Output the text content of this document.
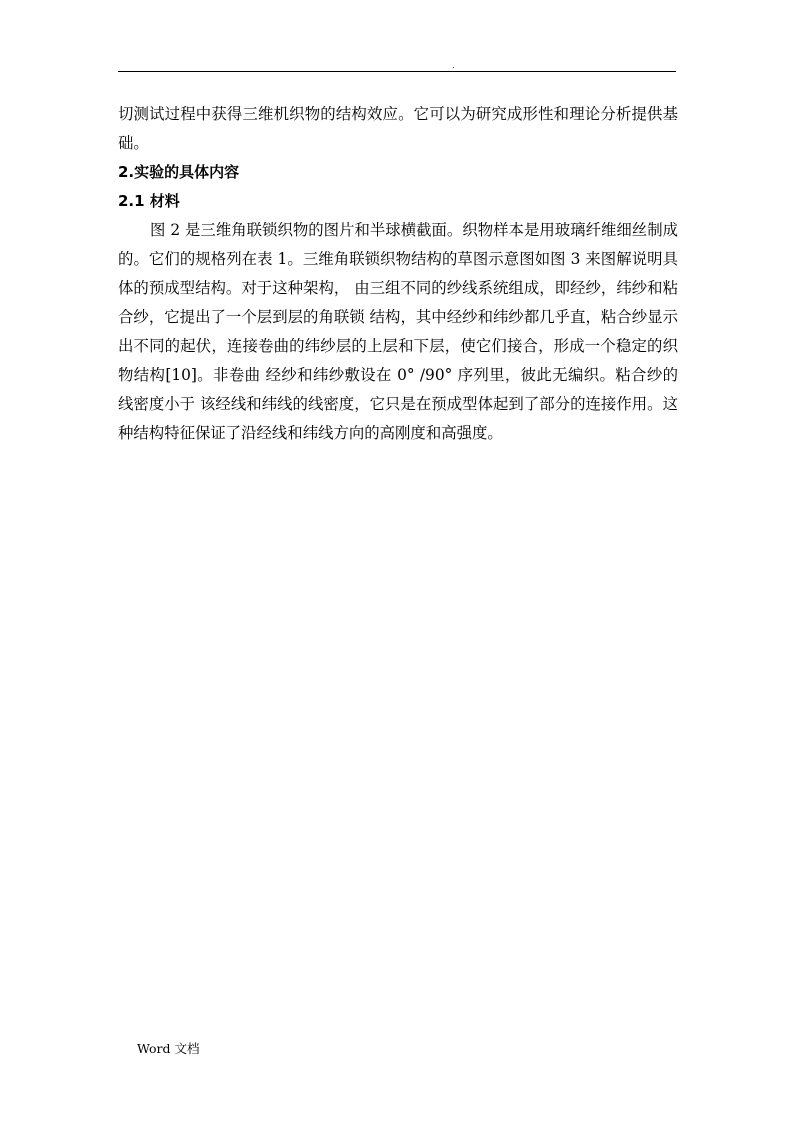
.

切测试过程中获得三维机织物的结构效应。它可以为研究成形性和理论分析提供基础。

2.实验的具体内容

2.1 材料

图 2 是三维角联锁织物的图片和半球横截面。织物样本是用玻璃纤维细丝制成的。它们的规格列在表 1。三维角联锁织物结构的草图示意图如图 3 来图解说明具体的预成型结构。对于这种架构， 由三组不同的纱线系统组成，即经纱，纬纱和粘合纱，它提出了一个层到层的角联锁 结构，其中经纱和纬纱都几乎直，粘合纱显示出不同的起伏，连接卷曲的纬纱层的上层和下层，使它们接合，形成一个稳定的织物结构[10]。非卷曲 经纱和纬纱敷设在 0° /90° 序列里，彼此无编织。粘合纱的线密度小于 该经线和纬线的线密度，它只是在预成型体起到了部分的连接作用。这种结构特征保证了沿经线和纬线方向的高刚度和高强度。

Word 文档
